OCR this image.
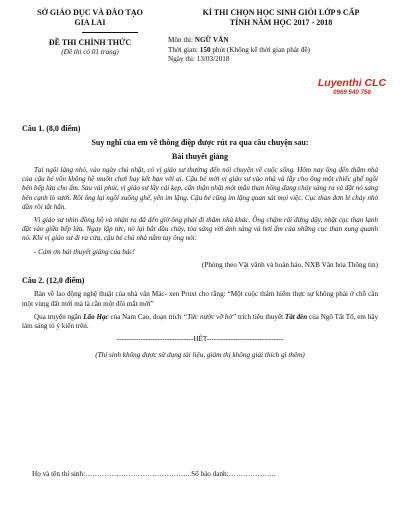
SỞ GIÁO DỤC VÀ ĐÀO TẠO
GIA LAI
ĐỀ THI CHÍNH THỨC
(Đề thi có 01 trang)
KÌ THI CHỌN HỌC SINH GIỎI LỚP 9 CẤP
TỈNH NĂM HỌC 2017 - 2018
Môn thi: NGỮ VĂN
Thời gian: 150 phút (Không kể thời gian phát đề)
Ngày thi: 13/03/2018
Luyenthi CLC
0969 540 758

Câu 1. (8,0 điểm)

Suy nghĩ của em về thông điệp được rút ra qua câu chuyện sau:

Bài thuyết giảng

Tại ngôi làng nhỏ, vào ngày chủ nhật, có vị giáo sư thường đến nói chuyện về cuộc sống. Hôm nay ông đến thăm nhà của cậu bé vốn không hề muốn chơi hay kết bạn với ai. Cậu bé mời vị giáo sư vào nhà và lấy cho ông một chiếc ghế ngồi bên bếp lửa cho ấm. Sau vài phút, vị giáo sư lấy cái kẹp, cẩn thận nhặt một mẩu than hồng đang cháy sáng ra và đặt nó sang bên cạnh lò sưởi. Rồi ông lại ngồi xuống ghế, yên im lặng. Cậu bé cũng im lặng quan sát mọi việc. Cục than đơn lẻ cháy nhỏ dần rồi tắt hẳn.

Vị giáo sư nhìn đồng hồ và nhận ra đã đến giờ ông phải đi thăm nhà khác. Ông chậm rãi đứng dậy, nhặt cục than lạnh đặt vào giữa bếp lửa. Ngay lập tức, nó lại bắt đầu cháy, tỏa sáng với ánh sáng và hơi ấm của những cục than xung quanh nó. Khi vị giáo sư đi ra cửa, cậu bé chủ nhà nắm tay ông nói:

- Cám ơn bài thuyết giảng của bác!

(Phỏng theo Vật vãnh và hoàn hảo, NXB Văn hóa Thông tin)

Câu 2. (12,0 điểm)

Bàn về lao động nghệ thuật của nhà văn Mác- xen Pruxt cho rằng: “Một cuộc thám hiểm thực sự không phải ở chỗ cần một vùng đất mới mà là cần một đôi mắt mới”

Qua truyện ngắn Lão Hạc của Nam Cao, đoạn trích “Tức nước vỡ bờ” trích tiểu thuyết Tắt đèn của Ngô Tất Tố, em hãy làm sáng tỏ ý kiến trên.

--------------------------------HẾT--------------------------------

(Thí sinh không được sử dụng tài liệu, giám thị không giải thích gì thêm)

Họ và tên thí sinh:…………………………………….. Số báo danh:………………..
